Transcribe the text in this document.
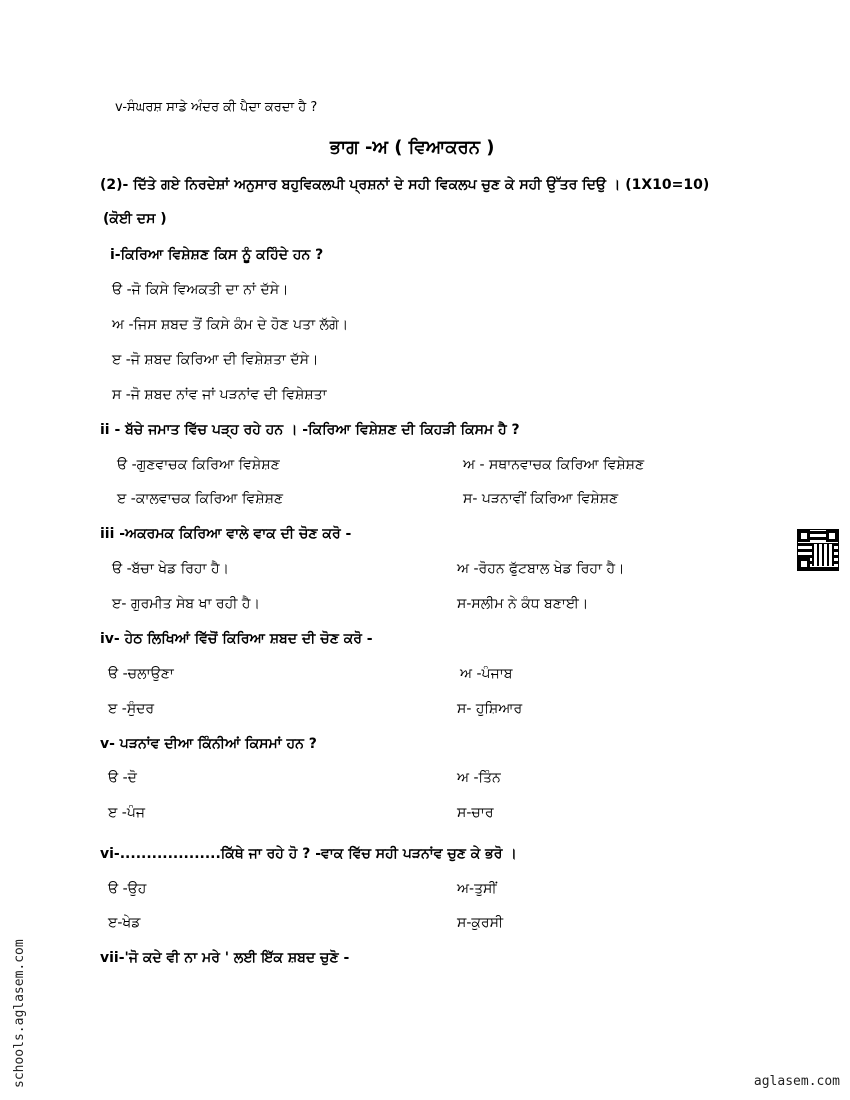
v-ਸੰਘਰਸ਼ ਸਾਡੇ ਅੰਦਰ ਕੀ ਪੈਦਾ ਕਰਦਾ ਹੈ ?
ਭਾਗ -ਅ ( ਵਿਆਕਰਨ )
(2)- ਦਿੱਤੇ ਗਏ ਨਿਰਦੇਸ਼ਾਂ ਅਨੁਸਾਰ ਬਹੁਵਿਕਲਪੀ ਪ੍ਰਸ਼ਨਾਂ ਦੇ ਸਹੀ ਵਿਕਲਪ ਚੁਣ ਕੇ ਸਹੀ ਉੱਤਰ ਦਿਉ । (1X10=10)
(ਕੋਈ ਦਸ )
i-ਕਿਰਿਆ ਵਿਸ਼ੇਸ਼ਣ ਕਿਸ ਨੂੰ ਕਹਿੰਦੇ ਹਨ ?
ੳ -ਜੋ ਕਿਸੇ ਵਿਅਕਤੀ ਦਾ ਨਾਂ ਦੱਸੇ।
ਅ -ਜਿਸ ਸ਼ਬਦ ਤੋਂ ਕਿਸੇ ਕੰਮ ਦੇ ਹੋਣ ਪਤਾ ਲੱਗੇ।
ੲ -ਜੋ ਸ਼ਬਦ ਕਿਰਿਆ ਦੀ ਵਿਸ਼ੇਸ਼ਤਾ ਦੱਸੇ।
ਸ -ਜੋ ਸ਼ਬਦ ਨਾਂਵ ਜਾਂ ਪੜਨਾਂਵ ਦੀ ਵਿਸ਼ੇਸ਼ਤਾ
ii - ਬੱਚੇ ਜਮਾਤ ਵਿੱਚ ਪੜ੍ਹ ਰਹੇ ਹਨ । -ਕਿਰਿਆ ਵਿਸ਼ੇਸ਼ਣ ਦੀ ਕਿਹੜੀ ਕਿਸਮ ਹੈ ?
ੳ -ਗੁਣਵਾਚਕ ਕਿਰਿਆ ਵਿਸ਼ੇਸ਼ਣ	ਅ - ਸਥਾਨਵਾਚਕ ਕਿਰਿਆ ਵਿਸ਼ੇਸ਼ਣ
ੲ -ਕਾਲਵਾਚਕ ਕਿਰਿਆ ਵਿਸ਼ੇਸ਼ਣ	ਸ- ਪੜਨਾਵੀਂ ਕਿਰਿਆ ਵਿਸ਼ੇਸ਼ਣ
iii -ਅਕਰਮਕ ਕਿਰਿਆ ਵਾਲੇ ਵਾਕ ਦੀ ਚੋਣ ਕਰੋ -
ੳ -ਬੱਚਾ ਖੇਡ ਰਿਹਾ ਹੈ।	ਅ -ਰੋਹਨ ਫੁੱਟਬਾਲ ਖੇਡ ਰਿਹਾ ਹੈ।
ੲ- ਗੁਰਮੀਤ ਸੇਬ ਖਾ ਰਹੀ ਹੈ।	ਸ-ਸਲੀਮ ਨੇ ਕੰਧ ਬਣਾਈ।
iv- ਹੇਠ ਲਿਖਿਆਂ ਵਿੱਚੋਂ ਕਿਰਿਆ ਸ਼ਬਦ ਦੀ ਚੋਣ ਕਰੋ -
ੳ -ਚਲਾਉਣਾ	ਅ -ਪੰਜਾਬ
ੲ -ਸੁੰਦਰ	ਸ- ਹੁਸ਼ਿਆਰ
v- ਪੜਨਾਂਵ ਦੀਆ ਕਿੰਨੀਆਂ ਕਿਸਮਾਂ ਹਨ ?
ੳ -ਦੋ	ਅ -ਤਿੰਨ
ੲ -ਪੰਜ	ਸ-ਚਾਰ
vi-...................ਕਿੱਥੇ ਜਾ ਰਹੇ ਹੋ ? -ਵਾਕ ਵਿੱਚ ਸਹੀ ਪੜਨਾਂਵ ਚੁਣ ਕੇ ਭਰੋ ।
ੳ -ਉਹ	ਅ-ਤੁਸੀਂ
ੲ-ਖੇਡ	ਸ-ਕੁਰਸੀ
vii-'ਜੋ ਕਦੇ ਵੀ ਨਾ ਮਰੇ ' ਲਈ ਇੱਕ ਸ਼ਬਦ ਚੁਣੋ -
schools.aglasem.com	aglasem.com
